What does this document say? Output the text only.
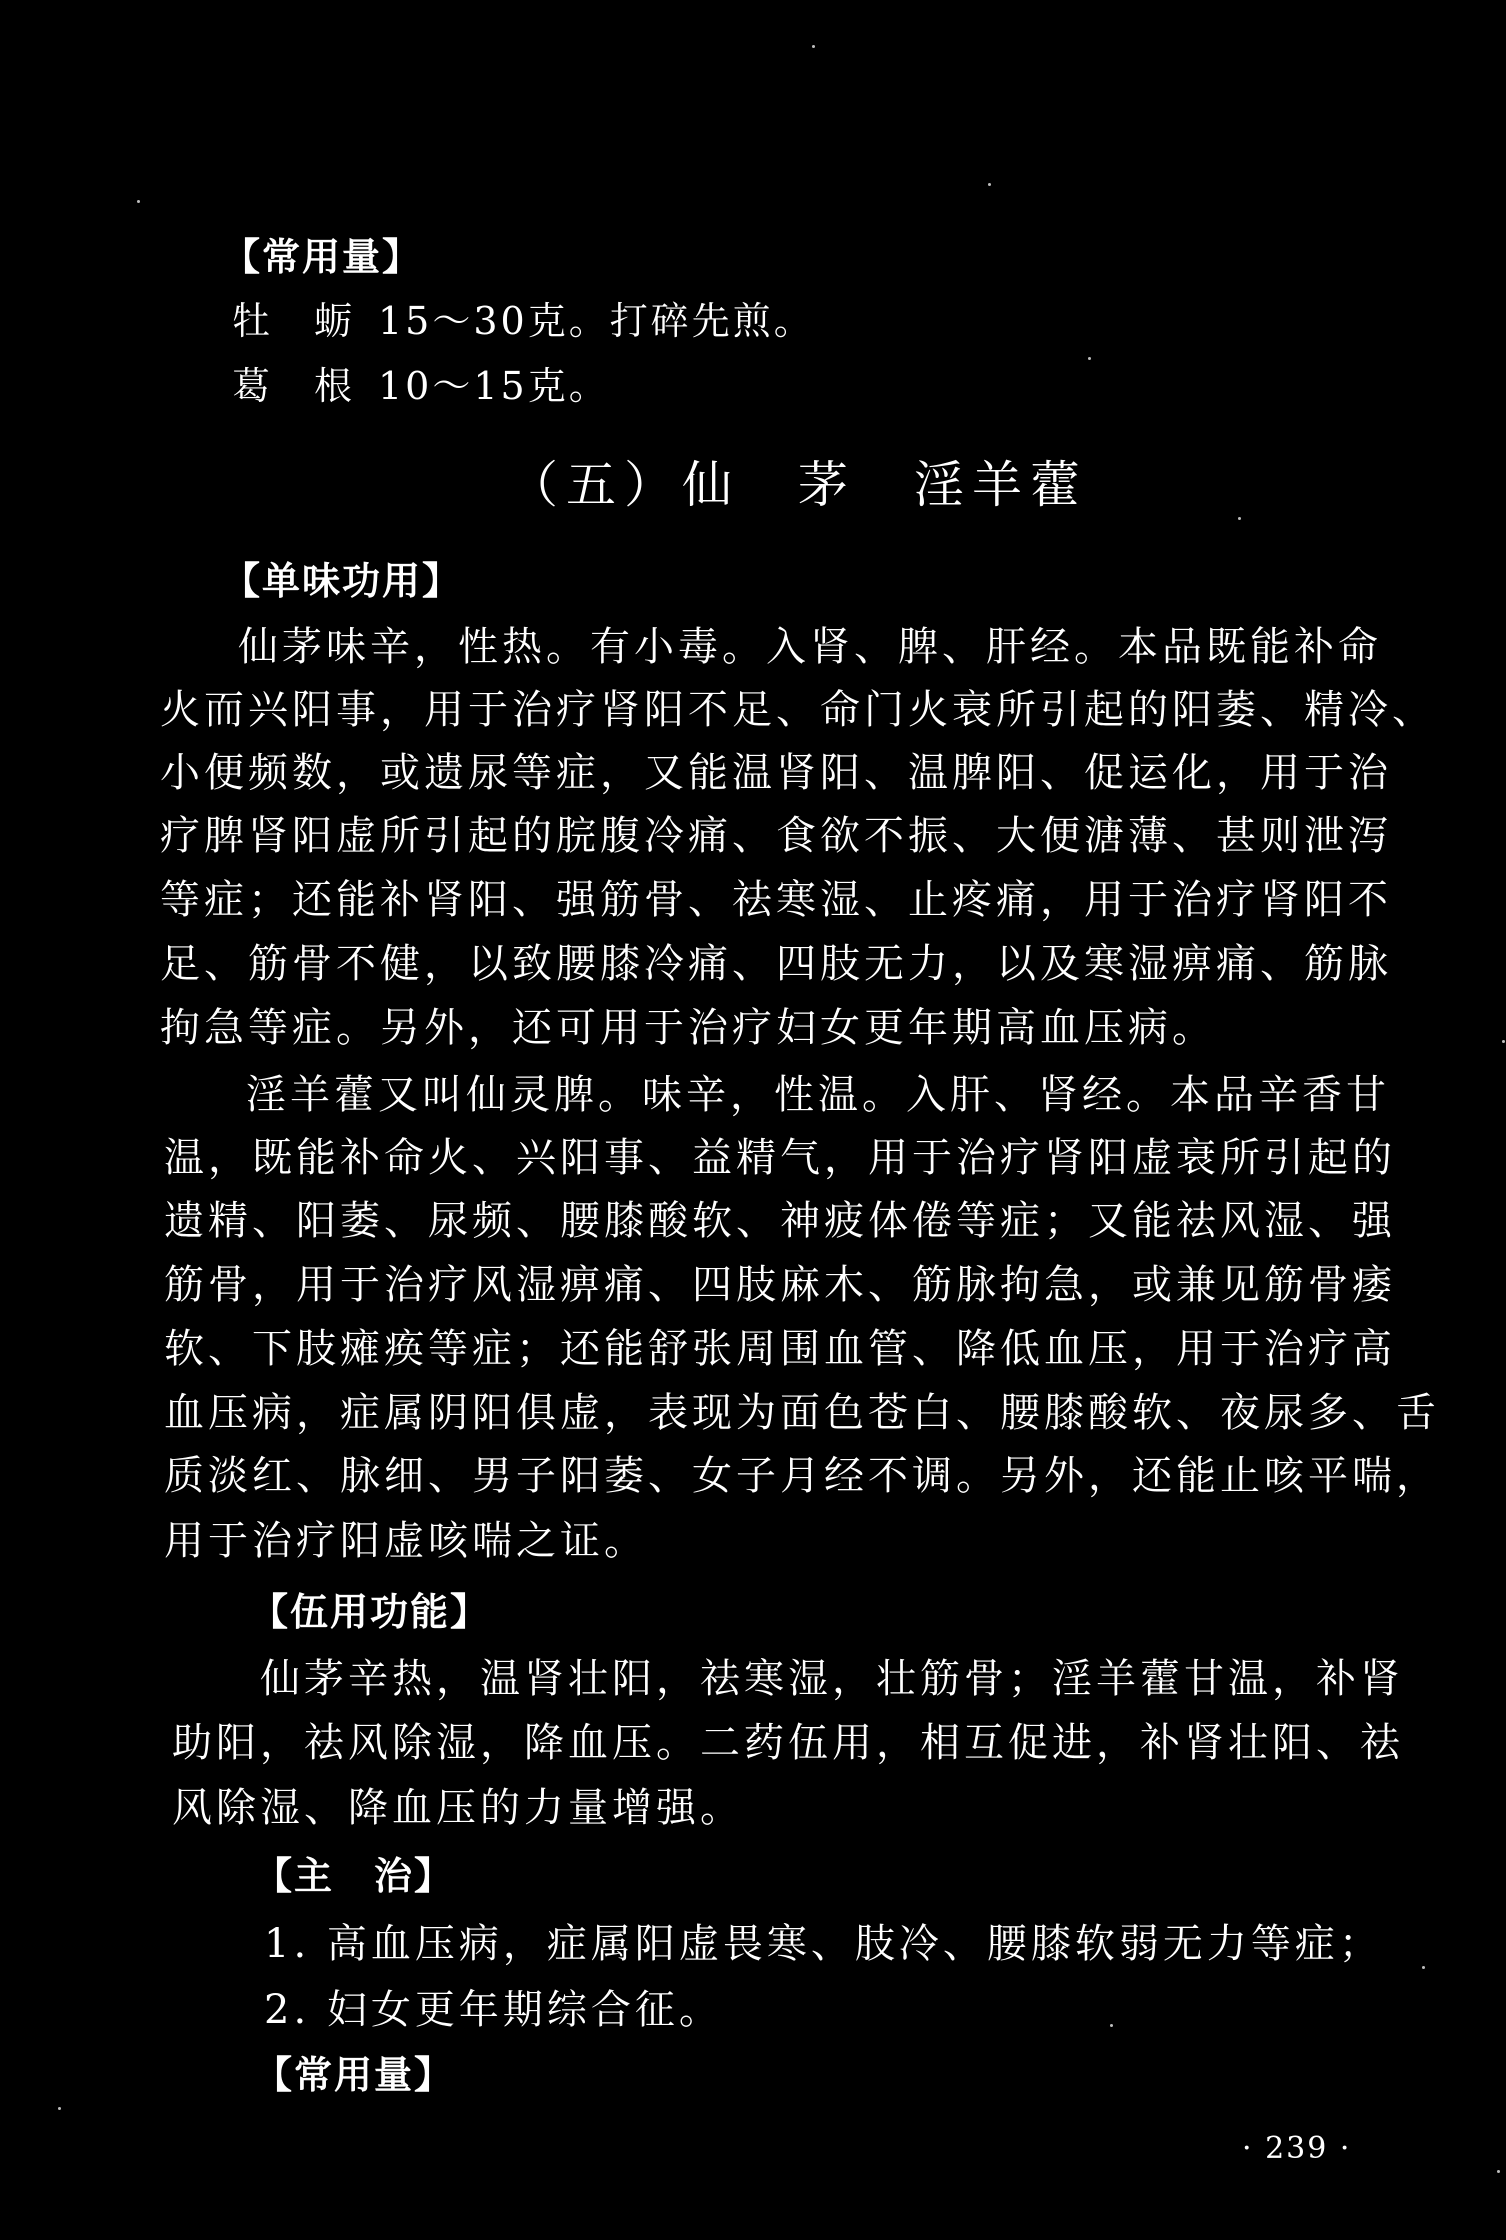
【常用量】
牡　蛎 15～30克。打碎先煎。
葛　根 10～15克。
（五）仙　茅　淫羊藿
【单味功用】
仙茅味辛，性热。有小毒。入肾、脾、肝经。本品既能补命
火而兴阳事，用于治疗肾阳不足、命门火衰所引起的阳萎、精冷、
小便频数，或遗尿等症，又能温肾阳、温脾阳、促运化，用于治
疗脾肾阳虚所引起的脘腹冷痛、食欲不振、大便溏薄、甚则泄泻
等症；还能补肾阳、强筋骨、祛寒湿、止疼痛，用于治疗肾阳不
足、筋骨不健，以致腰膝冷痛、四肢无力，以及寒湿痹痛、筋脉
拘急等症。另外，还可用于治疗妇女更年期高血压病。
淫羊藿又叫仙灵脾。味辛，性温。入肝、肾经。本品辛香甘
温，既能补命火、兴阳事、益精气，用于治疗肾阳虚衰所引起的
遗精、阳萎、尿频、腰膝酸软、神疲体倦等症；又能祛风湿、强
筋骨，用于治疗风湿痹痛、四肢麻木、筋脉拘急，或兼见筋骨痿
软、下肢瘫痪等症；还能舒张周围血管、降低血压，用于治疗高
血压病，症属阴阳俱虚，表现为面色苍白、腰膝酸软、夜尿多、舌
质淡红、脉细、男子阳萎、女子月经不调。另外，还能止咳平喘，
用于治疗阳虚咳喘之证。
【伍用功能】
仙茅辛热，温肾壮阳，祛寒湿，壮筋骨；淫羊藿甘温，补肾
助阳，祛风除湿，降血压。二药伍用，相互促进，补肾壮阳、祛
风除湿、降血压的力量增强。
【主　治】
1. 高血压病，症属阳虚畏寒、肢冷、腰膝软弱无力等症；
2. 妇女更年期综合征。
【常用量】
· 239 ·
